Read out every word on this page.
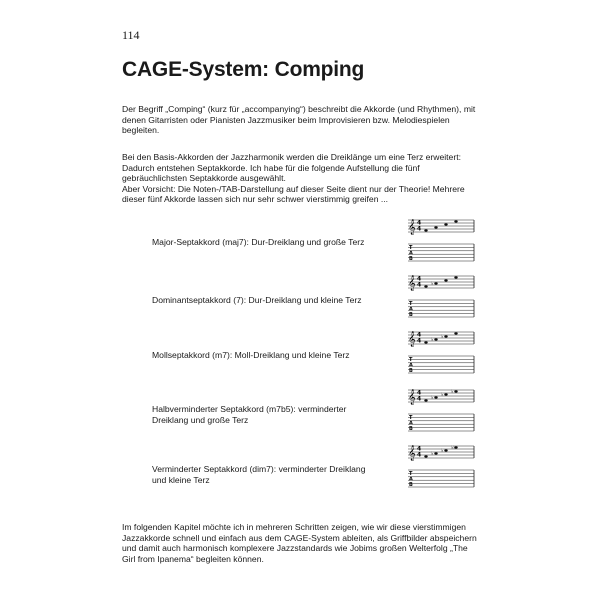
114
CAGE-System: Comping

Der Begriff „Comping“ (kurz für „accompanying“) beschreibt die Akkorde (und Rhythmen), mit denen Gitarristen oder Pianisten Jazzmusiker beim Improvisieren bzw. Melodiespielen begleiten.

Bei den Basis-Akkorden der Jazzharmonik werden die Dreiklänge um eine Terz erweitert: Dadurch entstehen Septakkorde. Ich habe für die folgende Aufstellung die fünf gebräuchlichsten Septakkorde ausgewählt.
Aber Vorsicht: Die Noten-/TAB-Darstellung auf dieser Seite dient nur der Theorie! Mehrere dieser fünf Akkorde lassen sich nur sehr schwer vierstimmig greifen ...
Major-Septakkord (maj7): Dur-Dreiklang und große Terz
Dominantseptakkord (7): Dur-Dreiklang und kleine Terz
Mollseptakkord (m7): Moll-Dreiklang und kleine Terz
Halbverminderter Septakkord (m7b5): verminderter Dreiklang und große Terz
Verminderter Septakkord (dim7): verminderter Dreiklang und kleine Terz
𝄞 4
4
T
A
B
𝄞 4
4
T
A
B
♭
𝄞 4
4
T
A
B
♭ ♭
𝄞 4
4
T
A
B
♭ ♭ ♭
𝄞 4
4
T
A
B
♭ ♭ ♭♭

Im folgenden Kapitel möchte ich in mehreren Schritten zeigen, wie wir diese vierstimmigen Jazzakkorde schnell und einfach aus dem CAGE-System ableiten, als Griffbilder abspeichern und damit auch harmonisch komplexere Jazzstandards wie Jobims großen Welterfolg „The Girl from Ipanema“ begleiten können.
